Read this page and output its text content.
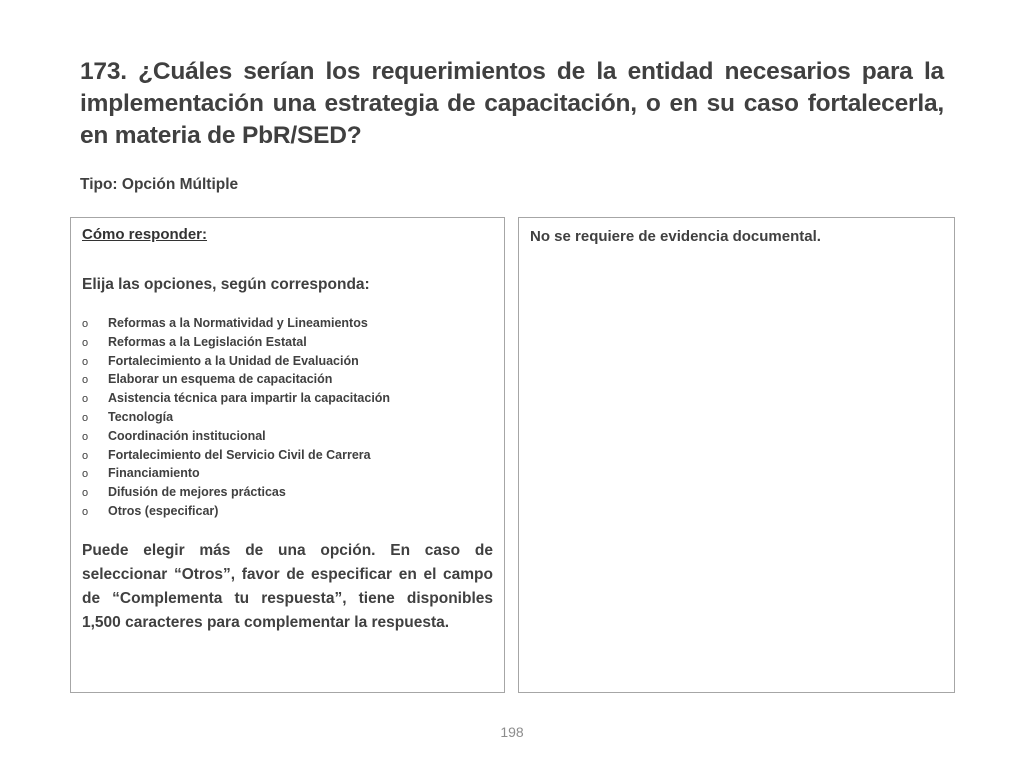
173. ¿Cuáles serían los requerimientos de la entidad necesarios para la implementación una estrategia de capacitación, o en su caso fortalecerla, en materia de PbR/SED?

Tipo: Opción Múltiple

Cómo responder:

Elija las opciones, según corresponda:

o Reformas a la Normatividad y Lineamientos
o Reformas a la Legislación Estatal
o Fortalecimiento a la Unidad de Evaluación
o Elaborar un esquema de capacitación
o Asistencia técnica para impartir la capacitación
o Tecnología
o Coordinación institucional
o Fortalecimiento del Servicio Civil de Carrera
o Financiamiento
o Difusión de mejores prácticas
o Otros (especificar)

Puede elegir más de una opción. En caso de seleccionar “Otros”, favor de especificar en el campo de “Complementa tu respuesta”, tiene disponibles 1,500 caracteres para complementar la respuesta.

No se requiere de evidencia documental.

198
